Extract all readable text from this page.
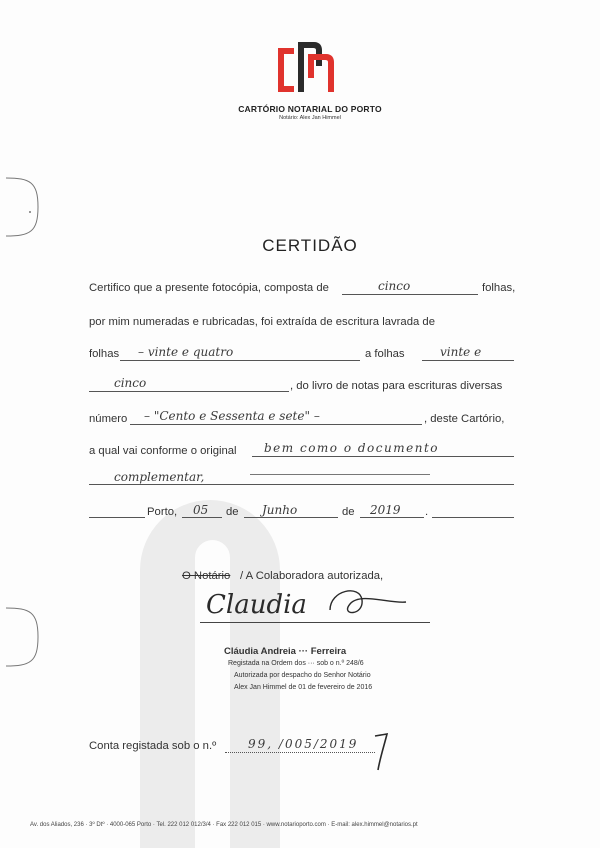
CARTÓRIO NOTARIAL DO PORTO
Notário: Alex Jan Himmel
CERTIDÃO
Certifico que a presente fotocópia, composta de	cinco	folhas,
por mim numeradas e rubricadas, foi extraída de escritura lavrada de
folhas – vinte e quatro	a folhas	vinte e
cinco	, do livro de notas para escrituras diversas
número – "Cento e Sessenta e sete" –	, deste Cartório,
a qual vai conforme o original bem como o documento
complementar,
Porto, 05 de Junho	de 2019 .
O Notário / A Colaboradora autorizada,
Claudia
Cláudia Andreia ··· Ferreira
Registada na Ordem dos ··· sob o n.º 248/6
Autorizada por despacho do Senhor Notário
Alex Jan Himmel de 01 de fevereiro de 2016
Conta registada sob o n.º	99, /005/2019
Av. dos Aliados, 236 · 3º Dtº · 4000-065 Porto · Tel. 222 012 012/3/4 · Fax 222 012 015 · www.notarioporto.com · E-mail: alex.himmel@notarios.pt
